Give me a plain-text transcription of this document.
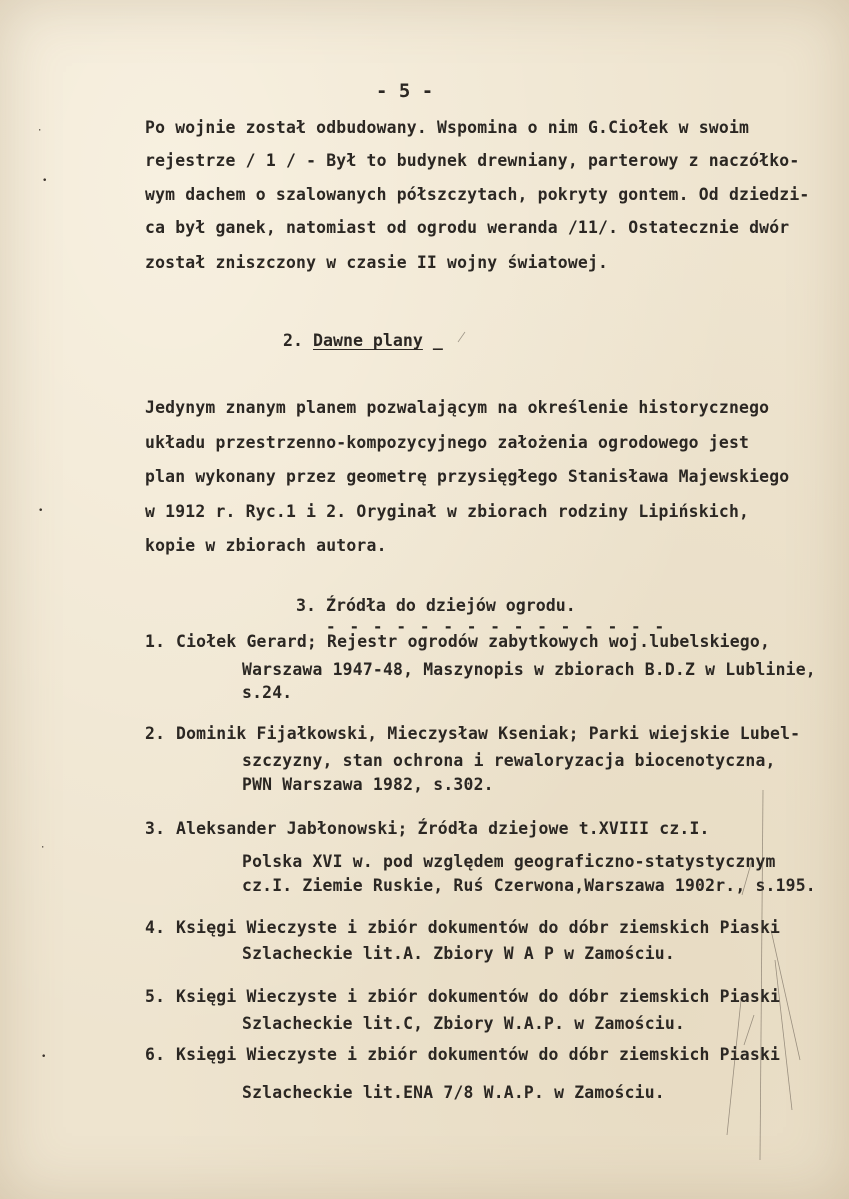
·
•
•
·
•
- 5 -
Po wojnie został odbudowany. Wspomina o nim G.Ciołek w swoim
rejestrze / 1 / - Był to budynek drewniany, parterowy z naczółko-
wym dachem o szalowanych półszczytach, pokryty gontem. Od dziedzi-
ca był ganek, natomiast od ogrodu weranda /11/. Ostatecznie dwór
został zniszczony w czasie II wojny światowej.
2. Dawne plany _
Jedynym znanym planem pozwalającym na określenie historycznego
układu przestrzenno-kompozycyjnego założenia ogrodowego jest
plan wykonany przez geometrę przysięgłego Stanisława Majewskiego
w 1912 r. Ryc.1 i 2. Oryginał w zbiorach rodziny Lipińskich,
kopie w zbiorach autora.
3. Źródła do dziejów ogrodu.
- - - - - - - - - - - - - - -
1. Ciołek Gerard; Rejestr ogrodów zabytkowych woj.lubelskiego,
Warszawa 1947-48, Maszynopis w zbiorach B.D.Z w Lublinie,
s.24.
2. Dominik Fijałkowski, Mieczysław Kseniak; Parki wiejskie Lubel-
szczyzny, stan ochrona i rewaloryzacja biocenotyczna,
PWN Warszawa 1982, s.302.
3. Aleksander Jabłonowski; Źródła dziejowe t.XVIII cz.I.
Polska XVI w. pod względem geograficzno-statystycznym
cz.I. Ziemie Ruskie, Ruś Czerwona,Warszawa 1902r., s.195.
4. Księgi Wieczyste i zbiór dokumentów do dóbr ziemskich Piaski
Szlacheckie lit.A. Zbiory W A P w Zamościu.
5. Księgi Wieczyste i zbiór dokumentów do dóbr ziemskich Piaski
Szlacheckie lit.C, Zbiory W.A.P. w Zamościu.
6. Księgi Wieczyste i zbiór dokumentów do dóbr ziemskich Piaski
Szlacheckie lit.ENA 7/8 W.A.P. w Zamościu.
